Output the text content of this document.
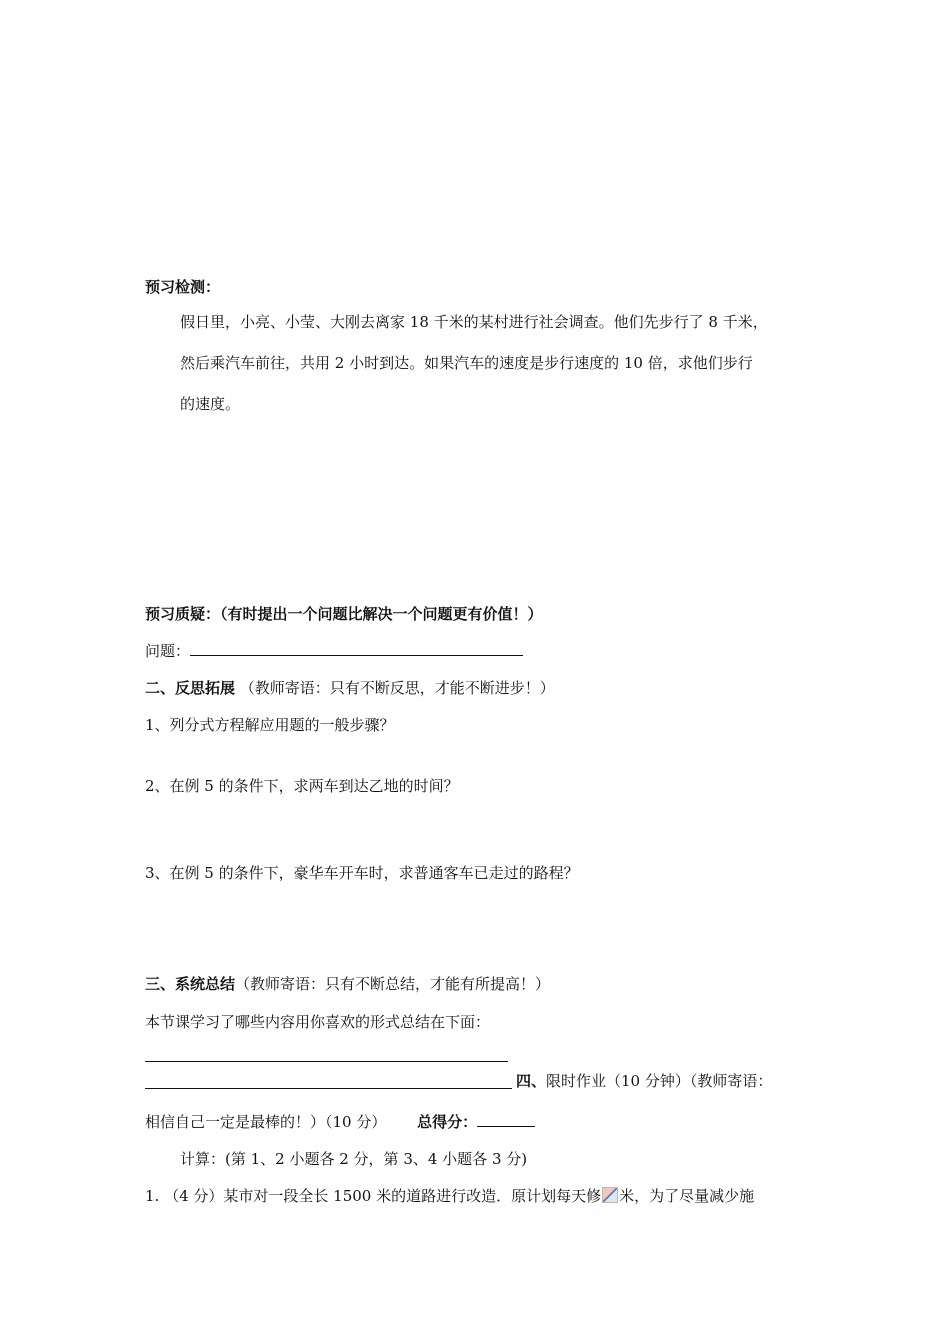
预习检测：
假日里，小亮、小莹、大刚去离家 18 千米的某村进行社会调查。他们先步行了 8 千米，
然后乘汽车前往，共用 2 小时到达。如果汽车的速度是步行速度的 10 倍，求他们步行
的速度。
预习质疑：（有时提出一个问题比解决一个问题更有价值！）
问题：
二、反思拓展 （教师寄语：只有不断反思，才能不断进步！）
1、列分式方程解应用题的一般步骤？
2、在例 5 的条件下，求两车到达乙地的时间？
3、在例 5 的条件下，豪华车开车时，求普通客车已走过的路程？
三、系统总结（教师寄语：只有不断总结，才能有所提高！）
本节课学习了哪些内容用你喜欢的形式总结在下面：
四、限时作业（10 分钟）（教师寄语：
相信自己一定是最棒的！）（10 分） 总得分：
计算：(第 1、2 小题各 2 分，第 3、4 小题各 3 分)
1. （4 分）某市对一段全长 1500 米的道路进行改造．原计划每天修 米，为了尽量减少施
